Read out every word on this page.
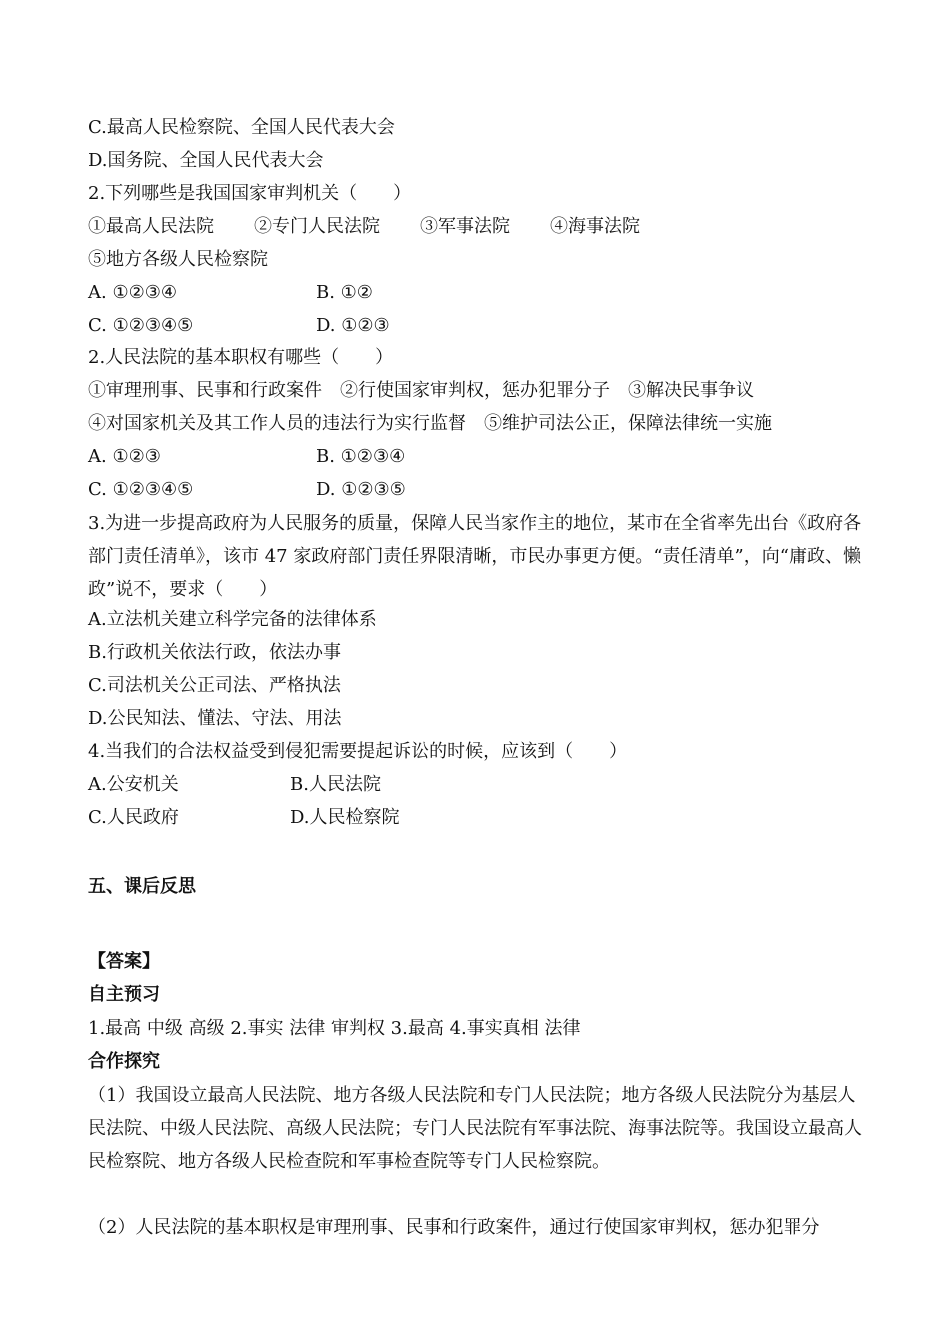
C.最高人民检察院、全国人民代表大会
D.国务院、全国人民代表大会
2.下列哪些是我国国家审判机关（　　）
①最高人民法院 ②专门人民法院 ③军事法院 ④海事法院
⑤地方各级人民检察院
A. ①②③④	B. ①②
C. ①②③④⑤	D. ①②③
2.人民法院的基本职权有哪些（　　）
①审理刑事、民事和行政案件　②行使国家审判权，惩办犯罪分子　③解决民事争议
④对国家机关及其工作人员的违法行为实行监督　⑤维护司法公正，保障法律统一实施
A. ①②③	B. ①②③④
C. ①②③④⑤	D. ①②③⑤
3.为进一步提高政府为人民服务的质量，保障人民当家作主的地位，某市在全省率先出台《政府各部门责任清单》，该市 47 家政府部门责任界限清晰，市民办事更方便。“责任清单”，向“庸政、懒政”说不，要求（　　）
A.立法机关建立科学完备的法律体系
B.行政机关依法行政，依法办事
C.司法机关公正司法、严格执法
D.公民知法、懂法、守法、用法
4.当我们的合法权益受到侵犯需要提起诉讼的时候，应该到（　　）
A.公安机关	B.人民法院
C.人民政府	D.人民检察院
五、课后反思
【答案】
自主预习
1.最高 中级 高级 2.事实 法律 审判权 3.最高 4.事实真相 法律
合作探究
（1）我国设立最高人民法院、地方各级人民法院和专门人民法院；地方各级人民法院分为基层人民法院、中级人民法院、高级人民法院；专门人民法院有军事法院、海事法院等。我国设立最高人民检察院、地方各级人民检查院和军事检查院等专门人民检察院。
（2）人民法院的基本职权是审理刑事、民事和行政案件，通过行使国家审判权，惩办犯罪分
